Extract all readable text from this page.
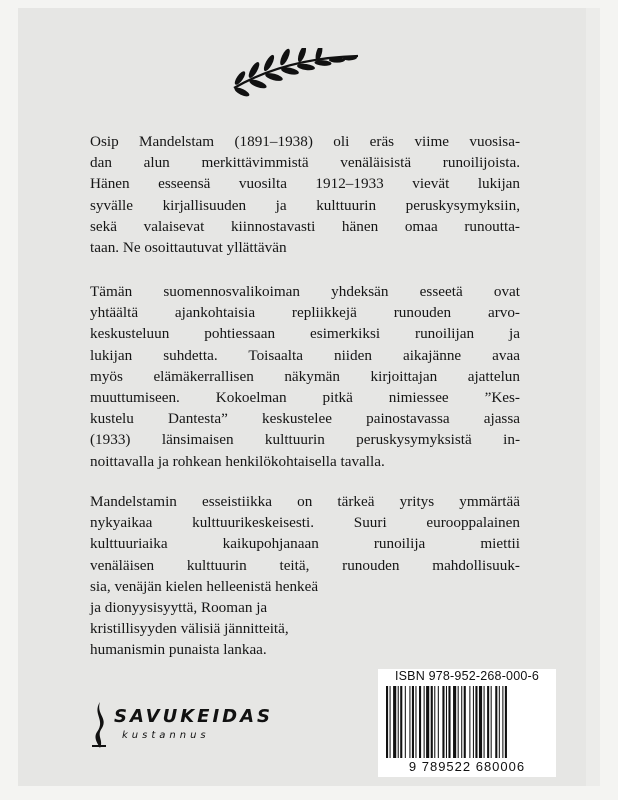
Osip Mandelstam (1891–1938) oli eräs viime vuosisa-
dan alun merkittävimmistä venäläisistä runoilijoista.
Hänen esseensä vuosilta 1912–1933 vievät lukijan
syvälle kirjallisuuden ja kulttuurin peruskysymyksiin,
sekä valaisevat kiinnostavasti hänen omaa runoutta-
taan. Ne osoittautuvat yllättävän
Tämän suomennosvalikoiman yhdeksän esseetä ovat
yhtäältä ajankohtaisia repliikkejä runouden arvo-
keskusteluun pohtiessaan esimerkiksi runoilijan ja
lukijan suhdetta. Toisaalta niiden aikajänne avaa
myös elämäkerrallisen näkymän kirjoittajan ajattelun
muuttumiseen. Kokoelman pitkä nimiessee ”Kes-
kustelu Dantesta” keskustelee painostavassa ajassa
(1933) länsimaisen kulttuurin peruskysymyksistä in-
noittavalla ja rohkean henkilökohtaisella tavalla.
Mandelstamin esseistiikka on tärkeä yritys ymmärtää
nykyaikaa kulttuurikeskeisesti. Suuri eurooppalainen
kulttuuriaika kaikupohjanaan runoilija miettii
venäläisen kulttuurin teitä, runouden mahdollisuuk-
sia, venäjän kielen helleenistä henkeä
ja dionyysisyyttä, Rooman ja
kristillisyyden välisiä jännitteitä,
humanismin punaista lankaa.
ISBN 978-952-268-000-6
9 789522 680006
SAVUKEIDAS
kustannus
